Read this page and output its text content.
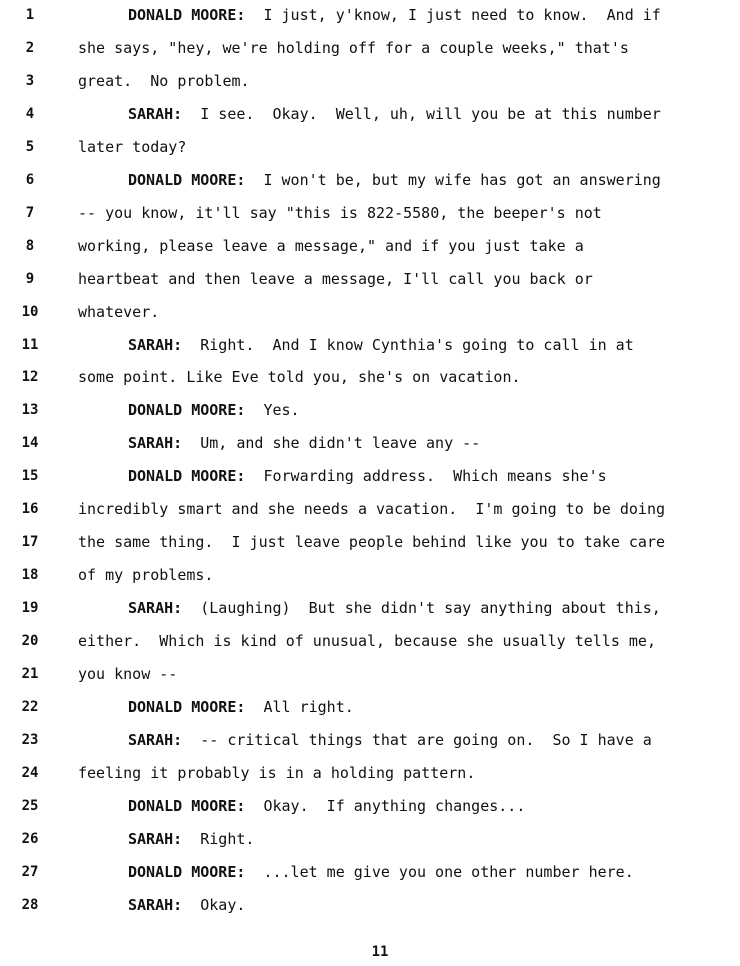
1	DONALD MOORE:  I just, y'know, I just need to know.  And if
2	she says, "hey, we're holding off for a couple weeks," that's
3	great.  No problem.
4	SARAH:  I see.  Okay.  Well, uh, will you be at this number
5	later today?
6	DONALD MOORE:  I won't be, but my wife has got an answering
7	-- you know, it'll say "this is 822-5580, the beeper's not
8	working, please leave a message," and if you just take a
9	heartbeat and then leave a message, I'll call you back or
10	whatever.
11	SARAH:  Right.  And I know Cynthia's going to call in at
12	some point. Like Eve told you, she's on vacation.
13	DONALD MOORE:  Yes.
14	SARAH:  Um, and she didn't leave any --
15	DONALD MOORE:  Forwarding address.  Which means she's
16	incredibly smart and she needs a vacation.  I'm going to be doing
17	the same thing.  I just leave people behind like you to take care
18	of my problems.
19	SARAH:  (Laughing)  But she didn't say anything about this,
20	either.  Which is kind of unusual, because she usually tells me,
21	you know --
22	DONALD MOORE:  All right.
23	SARAH:  -- critical things that are going on.  So I have a
24	feeling it probably is in a holding pattern.
25	DONALD MOORE:  Okay.  If anything changes...
26	SARAH:  Right.
27	DONALD MOORE:  ...let me give you one other number here.
28	SARAH:  Okay.
11
